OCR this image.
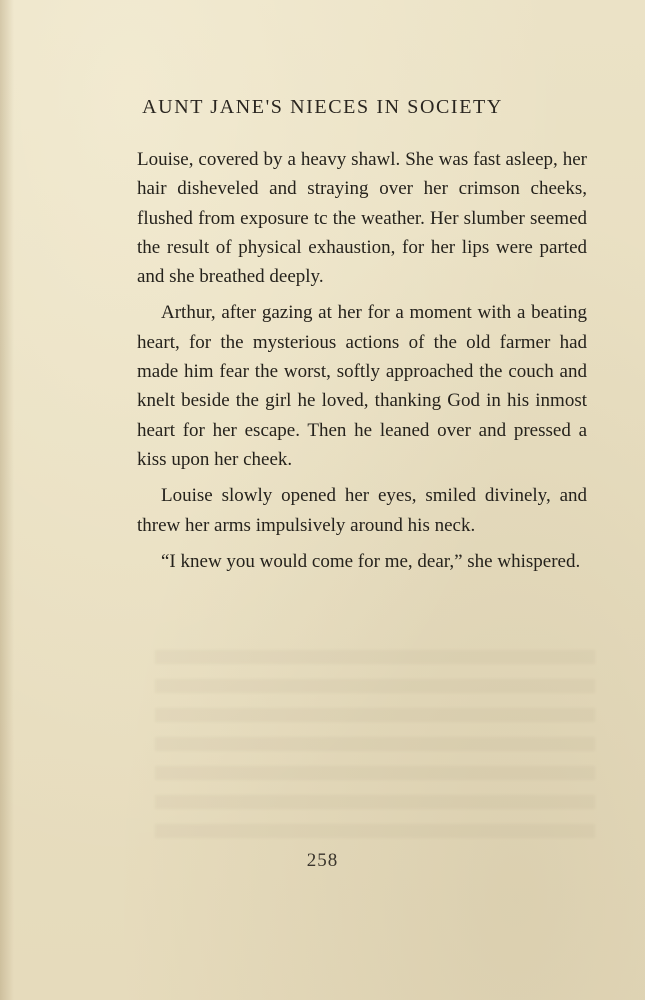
AUNT JANE'S NIECES IN SOCIETY

Louise, covered by a heavy shawl. She was fast asleep, her hair disheveled and straying over her crimson cheeks, flushed from exposure tc the weather. Her slumber seemed the result of physical exhaustion, for her lips were parted and she breathed deeply.

Arthur, after gazing at her for a moment with a beating heart, for the mysterious actions of the old farmer had made him fear the worst, softly approached the couch and knelt beside the girl he loved, thanking God in his inmost heart for her escape. Then he leaned over and pressed a kiss upon her cheek.

Louise slowly opened her eyes, smiled divinely, and threw her arms impulsively around his neck.

“I knew you would come for me, dear,” she whispered.

258
